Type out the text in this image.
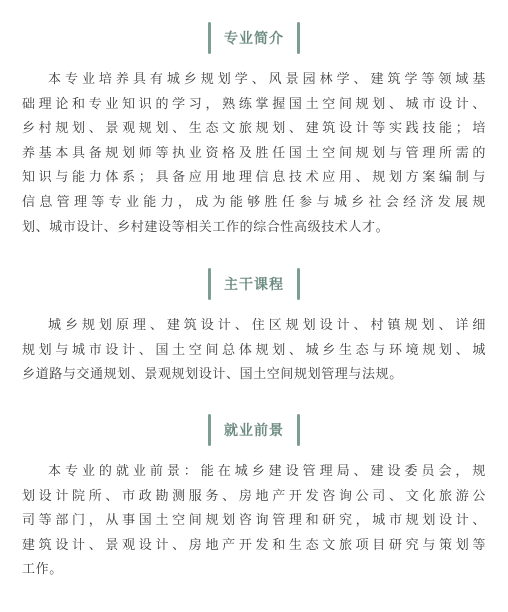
专业简介
本专业培养具有城乡规划学、风景园林学、建筑学等领域基
础理论和专业知识的学习，熟练掌握国土空间规划、城市设计、
乡村规划、景观规划、生态文旅规划、建筑设计等实践技能；培
养基本具备规划师等执业资格及胜任国土空间规划与管理所需的
知识与能力体系；具备应用地理信息技术应用、规划方案编制与
信息管理等专业能力，成为能够胜任参与城乡社会经济发展规
划、城市设计、乡村建设等相关工作的综合性高级技术人才。
主干课程
城乡规划原理、建筑设计、住区规划设计、村镇规划、详细
规划与城市设计、国土空间总体规划、城乡生态与环境规划、城
乡道路与交通规划、景观规划设计、国土空间规划管理与法规。
就业前景
本专业的就业前景：能在城乡建设管理局、建设委员会，规
划设计院所、市政勘测服务、房地产开发咨询公司、文化旅游公
司等部门，从事国土空间规划咨询管理和研究，城市规划设计、
建筑设计、景观设计、房地产开发和生态文旅项目研究与策划等
工作。
